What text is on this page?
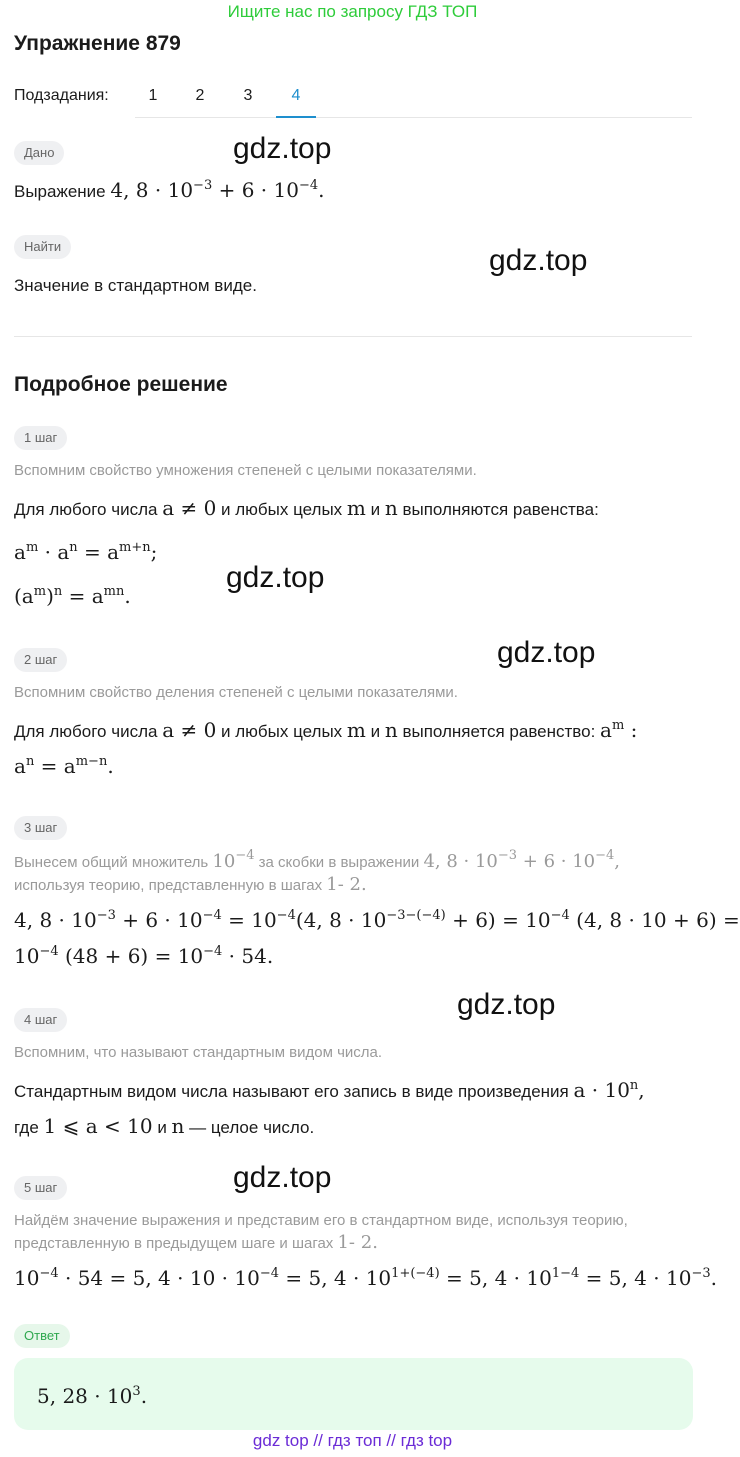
Ищите нас по запросу ГДЗ ТОП
Упражнение 879
Подзадания:	1	2	3	4
Дано	gdz.top
Выражение 4, $8 \cdot 10^{-3} + 6 \cdot 10^{-4}$.
Найти	gdz.top
Значение в стандартном виде.
Подробное решение
1 шаг
Вспомним свойство умножения степеней с целыми показателями.
Для любого числа a ≠ 0 и любых целых m и n выполняются равенства:
$a^m \cdot a^n = a^{m+n}$;
$(a^m)^n = a^{mn}$.
gdz.top
gdz.top
2 шаг
Вспомним свойство деления степеней с целыми показателями.
Для любого числа a ≠ 0 и любых целых m и n выполняется равенство: $a^m$ :
$a^n = a^{m-n}$.
3 шаг
Вынесем общий множитель $10^{-4}$ за скобки в выражении 4, $8 \cdot 10^{-3} + 6 \cdot 10^{-4}$,
используя теорию, представленную в шагах 1- 2.
4, $8 \cdot 10^{-3} + 6 \cdot 10^{-4} = 10^{-4}(4$, $8 \cdot 10^{-3-(-4)} + 6) = 10^{-4}$ (4, 8 · 10 + 6) =
$10^{-4}$ $(48 + 6) = 10^{-4} \cdot 54$.
gdz.top
4 шаг
Вспомним, что называют стандартным видом числа.
Стандартным видом числа называют его запись в виде произведения $a \cdot 10^n$,
где 1 ⩽ a < 10 и n — целое число.
gdz.top
5 шаг
Найдём значение выражения и представим его в стандартном виде, используя теорию,
представленную в предыдущем шаге и шагах 1- 2.
$10^{-4} \cdot 54 = 5$, $4 \cdot 10 \cdot 10^{-4} = 5$, $4 \cdot 10^{1+(-4)} = 5$, $4 \cdot 10^{1-4} = 5$, $4 \cdot 10^{-3}$.
Ответ
5, $28 \cdot 10^3$.
gdz top // гдз топ // гдз top
